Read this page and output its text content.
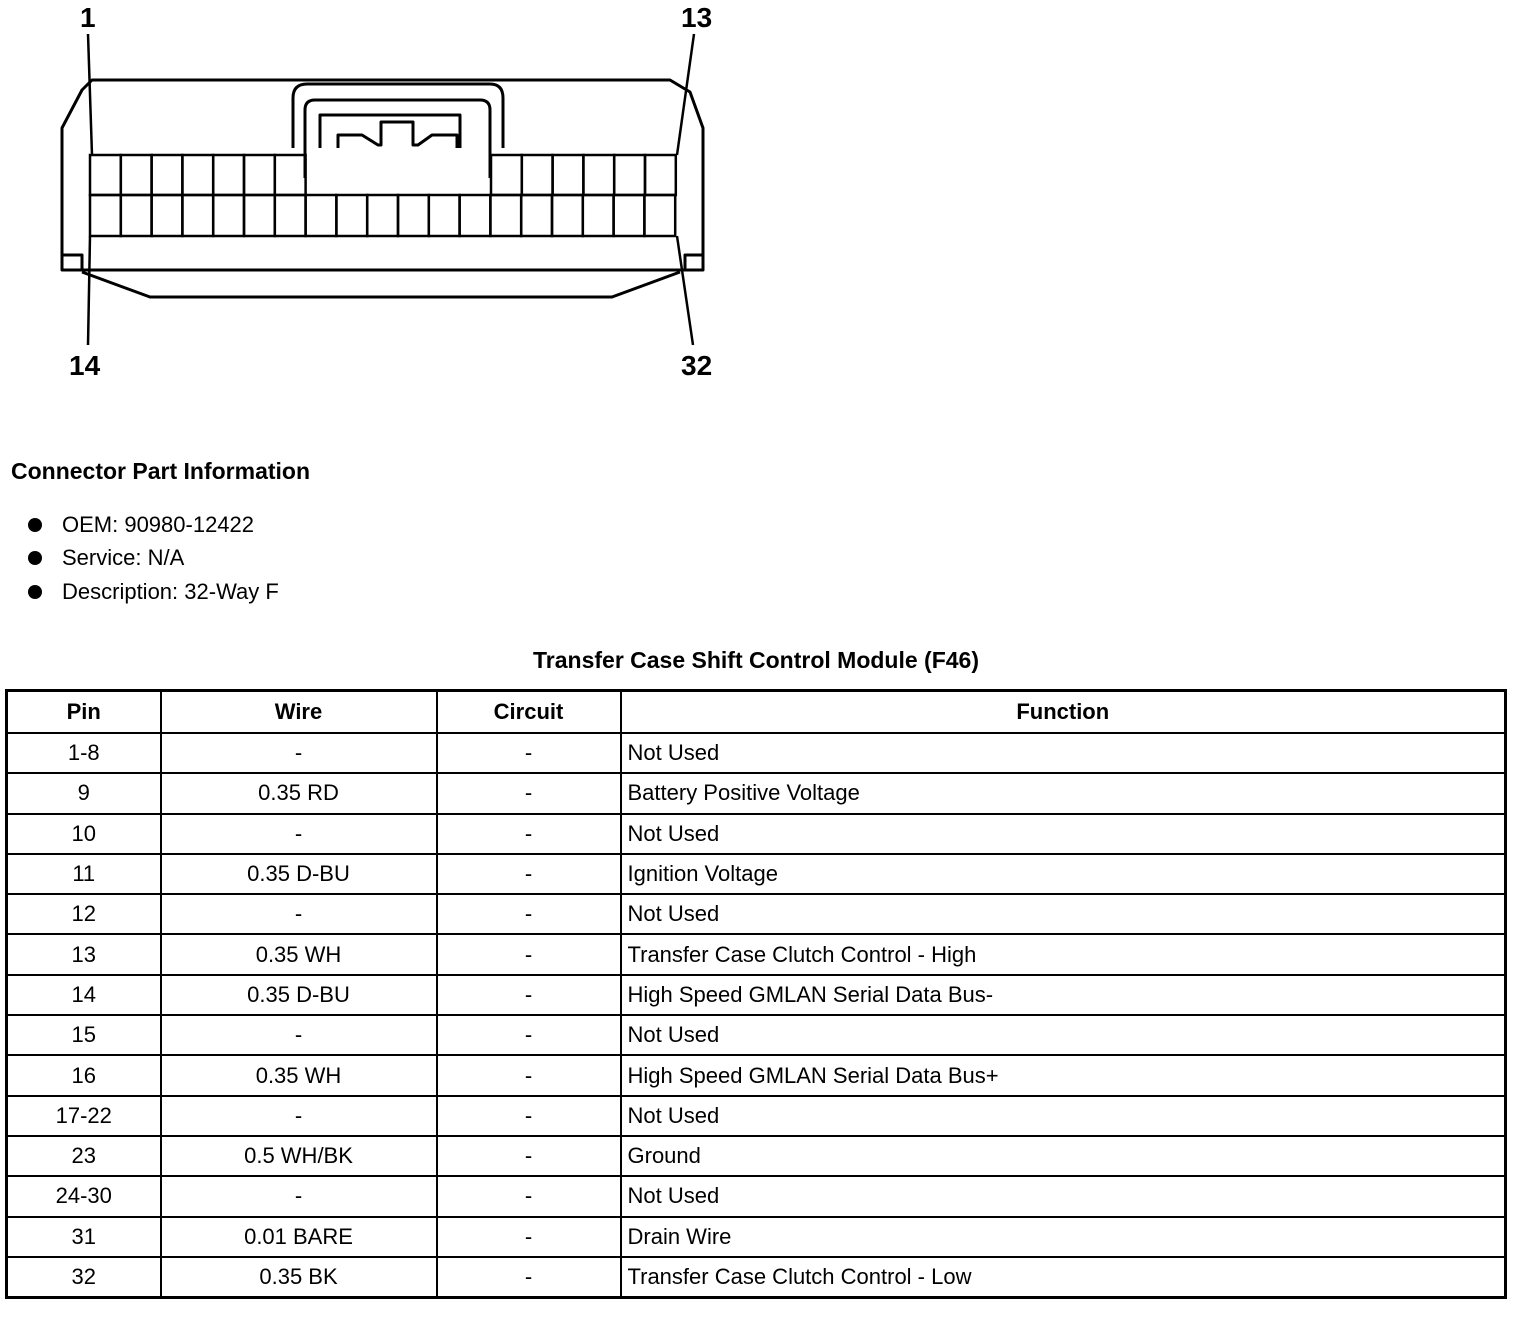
1	13
14	32
Connector Part Information
OEM: 90980-12422
Service: N/A
Description: 32-Way F
Transfer Case Shift Control Module (F46)
Pin	Wire	Circuit	Function
1-8	-	-	Not Used
9	0.35 RD	-	Battery Positive Voltage
10	-	-	Not Used
11	0.35 D-BU	-	Ignition Voltage
12	-	-	Not Used
13	0.35 WH	-	Transfer Case Clutch Control - High
14	0.35 D-BU	-	High Speed GMLAN Serial Data Bus-
15	-	-	Not Used
16	0.35 WH	-	High Speed GMLAN Serial Data Bus+
17-22	-	-	Not Used
23	0.5 WH/BK	-	Ground
24-30	-	-	Not Used
31	0.01 BARE	-	Drain Wire
32	0.35 BK	-	Transfer Case Clutch Control - Low
